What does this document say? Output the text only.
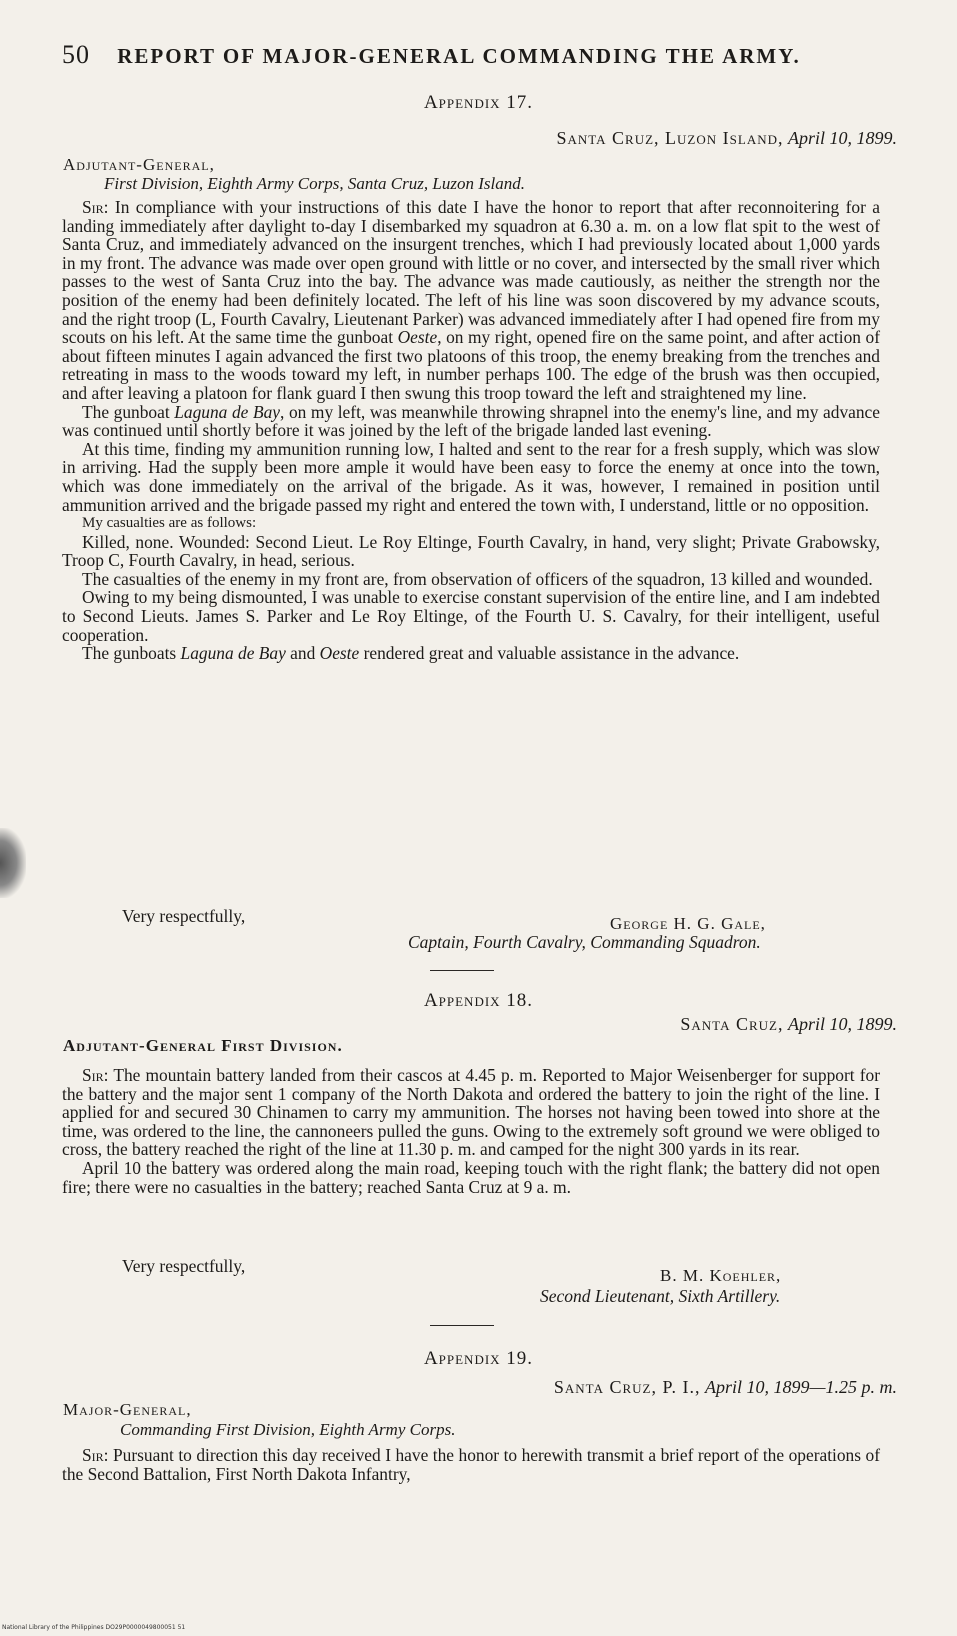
50 REPORT OF MAJOR-GENERAL COMMANDING THE ARMY.
Appendix 17.
Santa Cruz, Luzon Island, April 10, 1899.
Adjutant-General,
First Division, Eighth Army Corps, Santa Cruz, Luzon Island.

Sir: In compliance with your instructions of this date I have the honor to report that after reconnoitering for a landing immediately after daylight to-day I disembarked my squadron at 6.30 a. m. on a low flat spit to the west of Santa Cruz, and immediately advanced on the insurgent trenches, which I had previously located about 1,000 yards in my front. The advance was made over open ground with little or no cover, and intersected by the small river which passes to the west of Santa Cruz into the bay. The advance was made cautiously, as neither the strength nor the position of the enemy had been definitely located. The left of his line was soon discovered by my advance scouts, and the right troop (L, Fourth Cavalry, Lieutenant Parker) was advanced immediately after I had opened fire from my scouts on his left. At the same time the gunboat Oeste, on my right, opened fire on the same point, and after action of about fifteen minutes I again advanced the first two platoons of this troop, the enemy breaking from the trenches and retreating in mass to the woods toward my left, in number perhaps 100. The edge of the brush was then occupied, and after leaving a platoon for flank guard I then swung this troop toward the left and straightened my line.

The gunboat Laguna de Bay, on my left, was meanwhile throwing shrapnel into the enemy's line, and my advance was continued until shortly before it was joined by the left of the brigade landed last evening.

At this time, finding my ammunition running low, I halted and sent to the rear for a fresh supply, which was slow in arriving. Had the supply been more ample it would have been easy to force the enemy at once into the town, which was done immediately on the arrival of the brigade. As it was, however, I remained in position until ammunition arrived and the brigade passed my right and entered the town with, I understand, little or no opposition.

My casualties are as follows:

Killed, none. Wounded: Second Lieut. Le Roy Eltinge, Fourth Cavalry, in hand, very slight; Private Grabowsky, Troop C, Fourth Cavalry, in head, serious.

The casualties of the enemy in my front are, from observation of officers of the squadron, 13 killed and wounded.

Owing to my being dismounted, I was unable to exercise constant supervision of the entire line, and I am indebted to Second Lieuts. James S. Parker and Le Roy Eltinge, of the Fourth U. S. Cavalry, for their intelligent, useful cooperation.

The gunboats Laguna de Bay and Oeste rendered great and valuable assistance in the advance.

Very respectfully,	George H. G. Gale,
Captain, Fourth Cavalry, Commanding Squadron.
Appendix 18.
Santa Cruz, April 10, 1899.
Adjutant-General First Division.

Sir: The mountain battery landed from their cascos at 4.45 p. m. Reported to Major Weisenberger for support for the battery and the major sent 1 company of the North Dakota and ordered the battery to join the right of the line. I applied for and secured 30 Chinamen to carry my ammunition. The horses not having been towed into shore at the time, was ordered to the line, the cannoneers pulled the guns. Owing to the extremely soft ground we were obliged to cross, the battery reached the right of the line at 11.30 p. m. and camped for the night 300 yards in its rear.

April 10 the battery was ordered along the main road, keeping touch with the right flank; the battery did not open fire; there were no casualties in the battery; reached Santa Cruz at 9 a. m.

Very respectfully,	B. M. Koehler,
Second Lieutenant, Sixth Artillery.
Appendix 19.
Santa Cruz, P. I., April 10, 1899—1.25 p. m.
Major-General,
Commanding First Division, Eighth Army Corps.

Sir: Pursuant to direction this day received I have the honor to herewith transmit a brief report of the operations of the Second Battalion, First North Dakota Infantry,

National Library of the Philippines DO29P0000049800051 51
